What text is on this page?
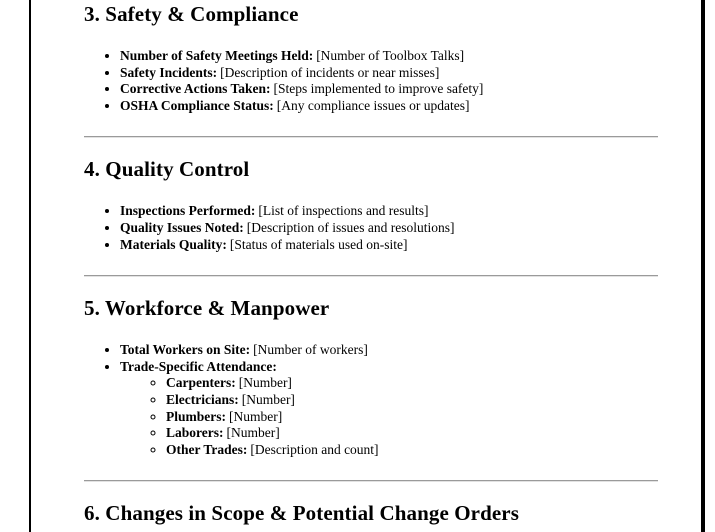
3. Safety & Compliance
• Number of Safety Meetings Held: [Number of Toolbox Talks]
• Safety Incidents: [Description of incidents or near misses]
• Corrective Actions Taken: [Steps implemented to improve safety]
• OSHA Compliance Status: [Any compliance issues or updates]
4. Quality Control
• Inspections Performed: [List of inspections and results]
• Quality Issues Noted: [Description of issues and resolutions]
• Materials Quality: [Status of materials used on-site]
5. Workforce & Manpower
• Total Workers on Site: [Number of workers]
• Trade-Specific Attendance:
◦ Carpenters: [Number]
◦ Electricians: [Number]
◦ Plumbers: [Number]
◦ Laborers: [Number]
◦ Other Trades: [Description and count]
6. Changes in Scope & Potential Change Orders
